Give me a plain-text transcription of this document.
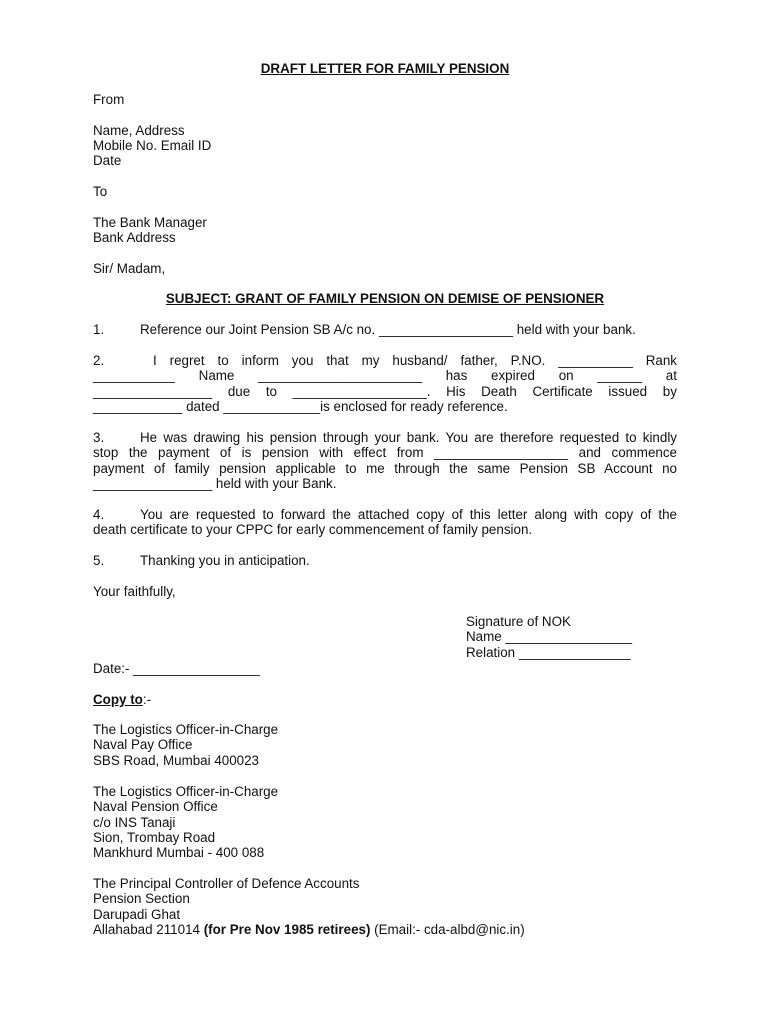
DRAFT LETTER FOR FAMILY PENSION
From
Name, Address
Mobile No. Email ID
Date
To
The Bank Manager
Bank Address
Sir/ Madam,
SUBJECT: GRANT OF FAMILY PENSION ON DEMISE OF PENSIONER
1.	Reference our Joint Pension SB A/c no. __________________ held with your bank.
2.	I regret to inform you that my husband/ father, P.NO. __________ Rank
___________ Name ______________________ has expired on ______ at
________________ due to __________________. His Death Certificate issued by
____________ dated _____________is enclosed for ready reference.
3.	He was drawing his pension through your bank. You are therefore requested to kindly
stop the payment of is pension with effect from __________________ and commence
payment of family pension applicable to me through the same Pension SB Account no
________________ held with your Bank.
4.	You are requested to forward the attached copy of this letter along with copy of the
death certificate to your CPPC for early commencement of family pension.
5.	Thanking you in anticipation.
Your faithfully,
Signature of NOK
Name _________________
Relation _______________
Date:- _________________
Copy to:-
The Logistics Officer-in-Charge
Naval Pay Office
SBS Road, Mumbai 400023
The Logistics Officer-in-Charge
Naval Pension Office
c/o INS Tanaji
Sion, Trombay Road
Mankhurd Mumbai - 400 088
The Principal Controller of Defence Accounts
Pension Section
Darupadi Ghat
Allahabad 211014 (for Pre Nov 1985 retirees) (Email:- cda-albd@nic.in)
